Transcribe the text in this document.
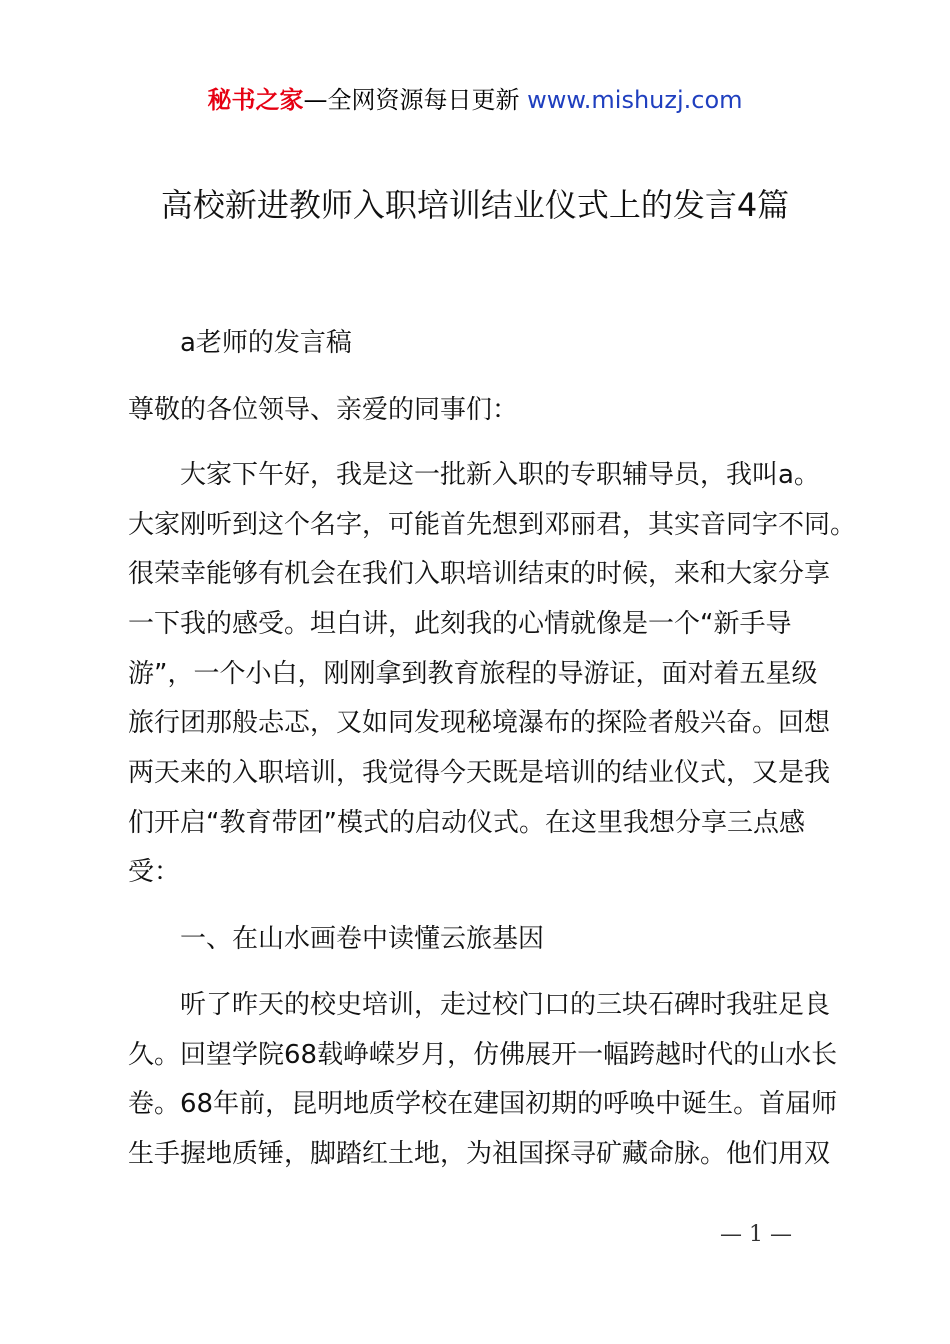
秘书之家—全网资源每日更新 www.mishuzj.com
高校新进教师入职培训结业仪式上的发言4篇
a老师的发言稿
尊敬的各位领导、亲爱的同事们：
大家下午好，我是这一批新入职的专职辅导员，我叫a。
大家刚听到这个名字，可能首先想到邓丽君，其实音同字不同。
很荣幸能够有机会在我们入职培训结束的时候，来和大家分享
一下我的感受。坦白讲，此刻我的心情就像是一个“新手导
游”，一个小白，刚刚拿到教育旅程的导游证，面对着五星级
旅行团那般忐忑，又如同发现秘境瀑布的探险者般兴奋。回想
两天来的入职培训，我觉得今天既是培训的结业仪式，又是我
们开启“教育带团”模式的启动仪式。在这里我想分享三点感
受：
一、在山水画卷中读懂云旅基因
听了昨天的校史培训，走过校门口的三块石碑时我驻足良
久。回望学院68载峥嵘岁月，仿佛展开一幅跨越时代的山水长
卷。68年前，昆明地质学校在建国初期的呼唤中诞生。首届师
生手握地质锤，脚踏红土地，为祖国探寻矿藏命脉。他们用双
— 1 —
